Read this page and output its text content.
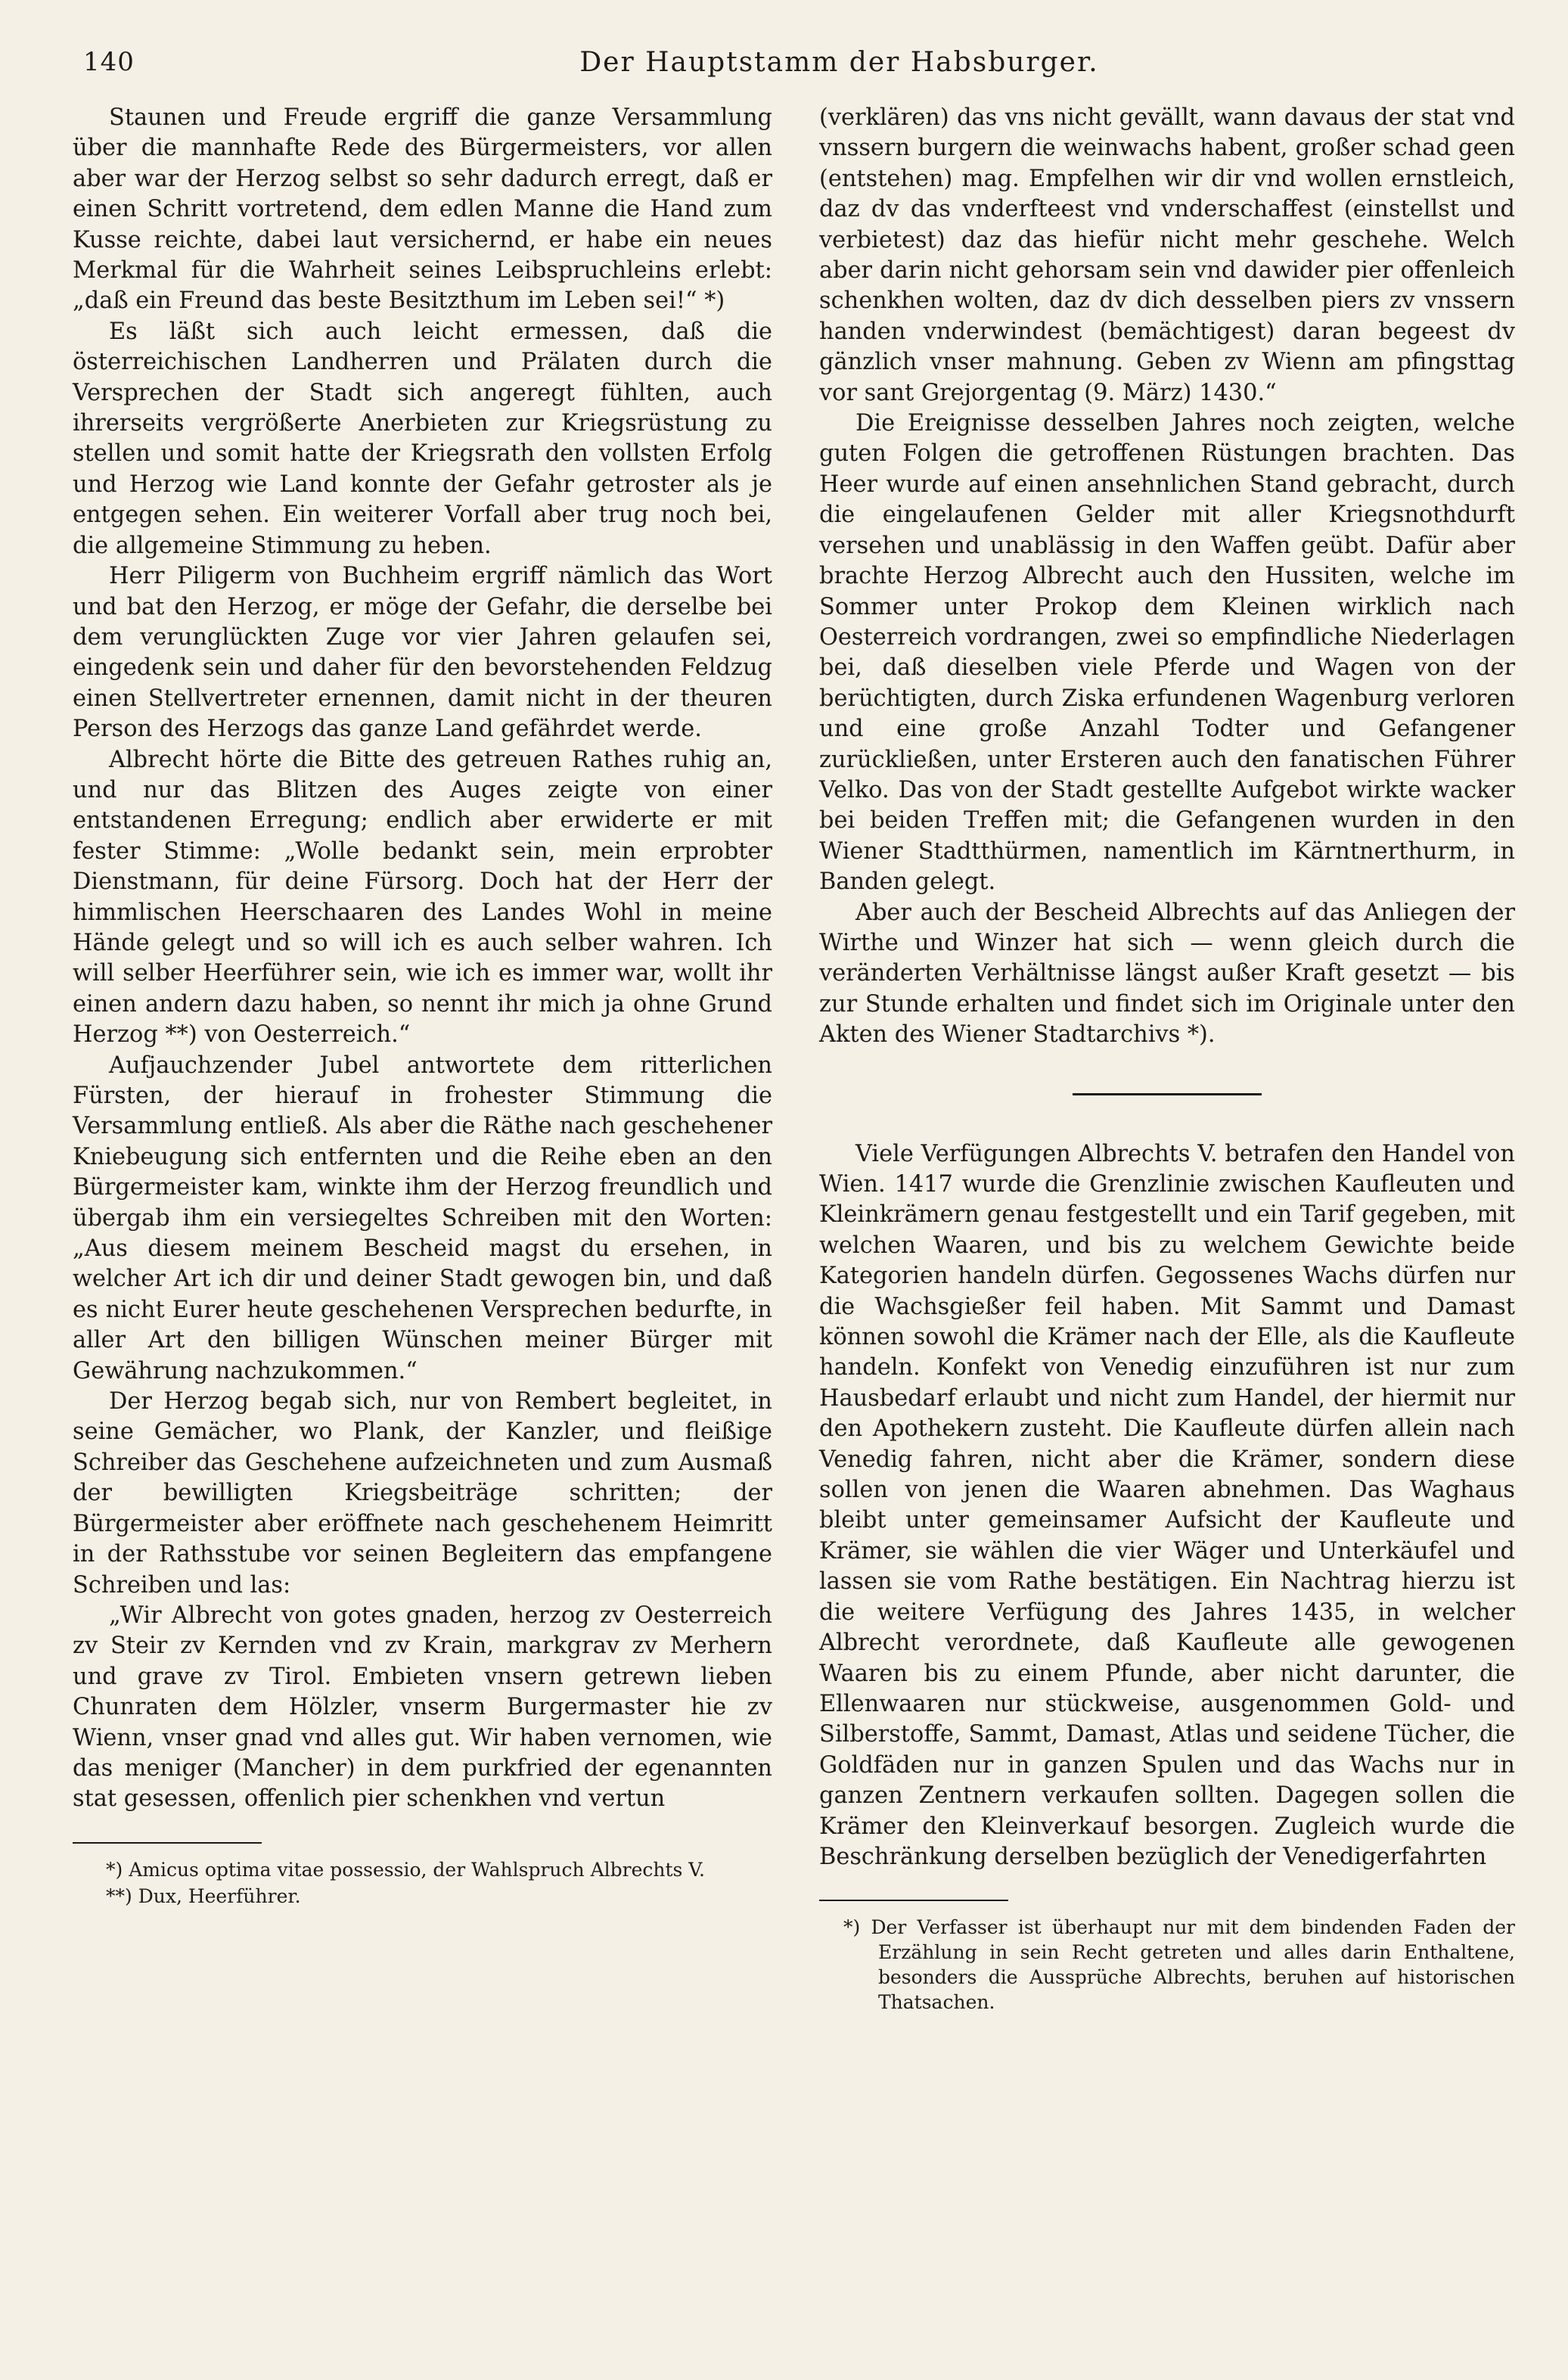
140	Der Hauptstamm der Habsburger.

Staunen und Freude ergriff die ganze Versammlung über die mannhafte Rede des Bürgermeisters, vor allen aber war der Herzog selbst so sehr dadurch erregt, daß er einen Schritt vortretend, dem edlen Manne die Hand zum Kusse reichte, dabei laut versichernd, er habe ein neues Merkmal für die Wahrheit seines Leibspruchleins erlebt: „daß ein Freund das beste Besitzthum im Leben sei!“ *)

Es läßt sich auch leicht ermessen, daß die österreichischen Landherren und Prälaten durch die Versprechen der Stadt sich angeregt fühlten, auch ihrerseits vergrößerte Anerbieten zur Kriegsrüstung zu stellen und somit hatte der Kriegsrath den vollsten Erfolg und Herzog wie Land konnte der Gefahr getroster als je entgegen sehen. Ein weiterer Vorfall aber trug noch bei, die allgemeine Stimmung zu heben.

Herr Piligerm von Buchheim ergriff nämlich das Wort und bat den Herzog, er möge der Gefahr, die derselbe bei dem verunglückten Zuge vor vier Jahren gelaufen sei, eingedenk sein und daher für den bevorstehenden Feldzug einen Stellvertreter ernennen, damit nicht in der theuren Person des Herzogs das ganze Land gefährdet werde.

Albrecht hörte die Bitte des getreuen Rathes ruhig an, und nur das Blitzen des Auges zeigte von einer entstandenen Erregung; endlich aber erwiderte er mit fester Stimme: „Wolle bedankt sein, mein erprobter Dienstmann, für deine Fürsorg. Doch hat der Herr der himmlischen Heerschaaren des Landes Wohl in meine Hände gelegt und so will ich es auch selber wahren. Ich will selber Heerführer sein, wie ich es immer war, wollt ihr einen andern dazu haben, so nennt ihr mich ja ohne Grund Herzog **) von Oesterreich.“

Aufjauchzender Jubel antwortete dem ritterlichen Fürsten, der hierauf in frohester Stimmung die Versammlung entließ. Als aber die Räthe nach geschehener Kniebeugung sich entfernten und die Reihe eben an den Bürgermeister kam, winkte ihm der Herzog freundlich und übergab ihm ein versiegeltes Schreiben mit den Worten: „Aus diesem meinem Beschеid magst du ersehen, in welcher Art ich dir und deiner Stadt gewogen bin, und daß es nicht Eurer heute geschehenen Versprechen bedurfte, in aller Art den billigen Wünschen meiner Bürger mit Gewährung nachzukommen.“

Der Herzog begab sich, nur von Rembert begleitet, in seine Gemächer, wo Plank, der Kanzler, und fleißige Schreiber das Geschehene aufzeichneten und zum Ausmaß der bewilligten Kriegsbeiträge schritten; der Bürgermeister aber eröffnete nach geschehenem Heimritt in der Rathsstube vor seinen Begleitern das empfangene Schreiben und las:

„Wir Albrecht von gotes gnaden, herzog zv Oesterreich zv Steir zv Kernden vnd zv Krain, markgrav zv Merhern und grave zv Tirol. Embieten vnsern getrewn lieben Chunraten dem Hölzler, vnserm Burgermaster hie zv Wienn, vnser gnad vnd alles gut. Wir haben vernomen, wie das meniger (Mancher) in dem purkfried der egenannten stat gesessen, offenlich pier schenkhen vnd vertun

*) Amicus optima vitae possessio, der Wahlspruch Albrechts V.

**) Dux, Heerführer.

(verklären) das vns nicht gevällt, wann davaus der stat vnd vnssern burgern die weinwachs habent, großer schad geen (entstehen) mag. Empfelhen wir dir vnd wollen ernstleich, daz dv das vnderfteest vnd vnderschaffest (einstellst und verbietest) daz das hiefür nicht mehr geschehe. Welch aber darin nicht gehorsam sein vnd dawider pier offenleich schenkhen wolten, daz dv dich desselben piers zv vnssern handen vnderwindest (bemächtigest) daran begeest dv gänzlich vnser mahnung. Geben zv Wienn am pfingsttag vor sant Grejorgentag (9. März) 1430.“

Die Ereignisse desselben Jahres noch zeigten, welche guten Folgen die getroffenen Rüstungen brachten. Das Heer wurde auf einen ansehnlichen Stand gebracht, durch die eingelaufenen Gelder mit aller Kriegsnothdurft versehen und unablässig in den Waffen geübt. Dafür aber brachte Herzog Albrecht auch den Hussiten, welche im Sommer unter Prokop dem Kleinen wirklich nach Oesterreich vordrangen, zwei so empfindliche Niederlagen bei, daß dieselben viele Pferde und Wagen von der berüchtigten, durch Ziska erfundenen Wagenburg verloren und eine große Anzahl Todter und Gefangener zurückließen, unter Ersteren auch den fanatischen Führer Velko. Das von der Stadt gestellte Aufgebot wirkte wacker bei beiden Treffen mit; die Gefangenen wurden in den Wiener Stadtthürmen, namentlich im Kärntnerthurm, in Banden gelegt.

Aber auch der Bescheid Albrechts auf das Anliegen der Wirthe und Winzer hat sich — wenn gleich durch die veränderten Verhältnisse längst außer Kraft gesetzt — bis zur Stunde erhalten und findet sich im Originale unter den Akten des Wiener Stadtarchivs *).

Viele Verfügungen Albrechts V. betrafen den Handel von Wien. 1417 wurde die Grenzlinie zwischen Kaufleuten und Kleinkrämern genau festgestellt und ein Tarif gegeben, mit welchen Waaren, und bis zu welchem Gewichte beide Kategorien handeln dürfen. Gegossenes Wachs dürfen nur die Wachsgießer feil haben. Mit Sammt und Damast können sowohl die Krämer nach der Elle, als die Kaufleute handeln. Konfekt von Venedig einzuführen ist nur zum Hausbedarf erlaubt und nicht zum Handel, der hiermit nur den Apothekern zusteht. Die Kaufleute dürfen allein nach Venedig fahren, nicht aber die Krämer, sondern diese sollen von jenen die Waaren abnehmen. Das Waghaus bleibt unter gemeinsamer Aufsicht der Kaufleute und Krämer, sie wählen die vier Wäger und Unterkäufel und lassen sie vom Rathe bestätigen. Ein Nachtrag hierzu ist die weitere Verfügung des Jahres 1435, in welcher Albrecht verordnete, daß Kaufleute alle gewogenen Waaren bis zu einem Pfunde, aber nicht darunter, die Ellenwaaren nur stückweise, ausgenommen Gold- und Silberstoffe, Sammt, Damast, Atlas und seidene Tücher, die Goldfäden nur in ganzen Spulen und das Wachs nur in ganzen Zentnern verkaufen sollten. Dagegen sollen die Krämer den Kleinverkauf besorgen. Zugleich wurde die Beschränkung derselben bezüglich der Venedigerfahrten

*) Der Verfasser ist überhaupt nur mit dem bindenden Faden der Erzählung in sein Recht getreten und alles darin Enthaltene, besonders die Aussprüche Albrechts, beruhen auf historischen Thatsachen.
